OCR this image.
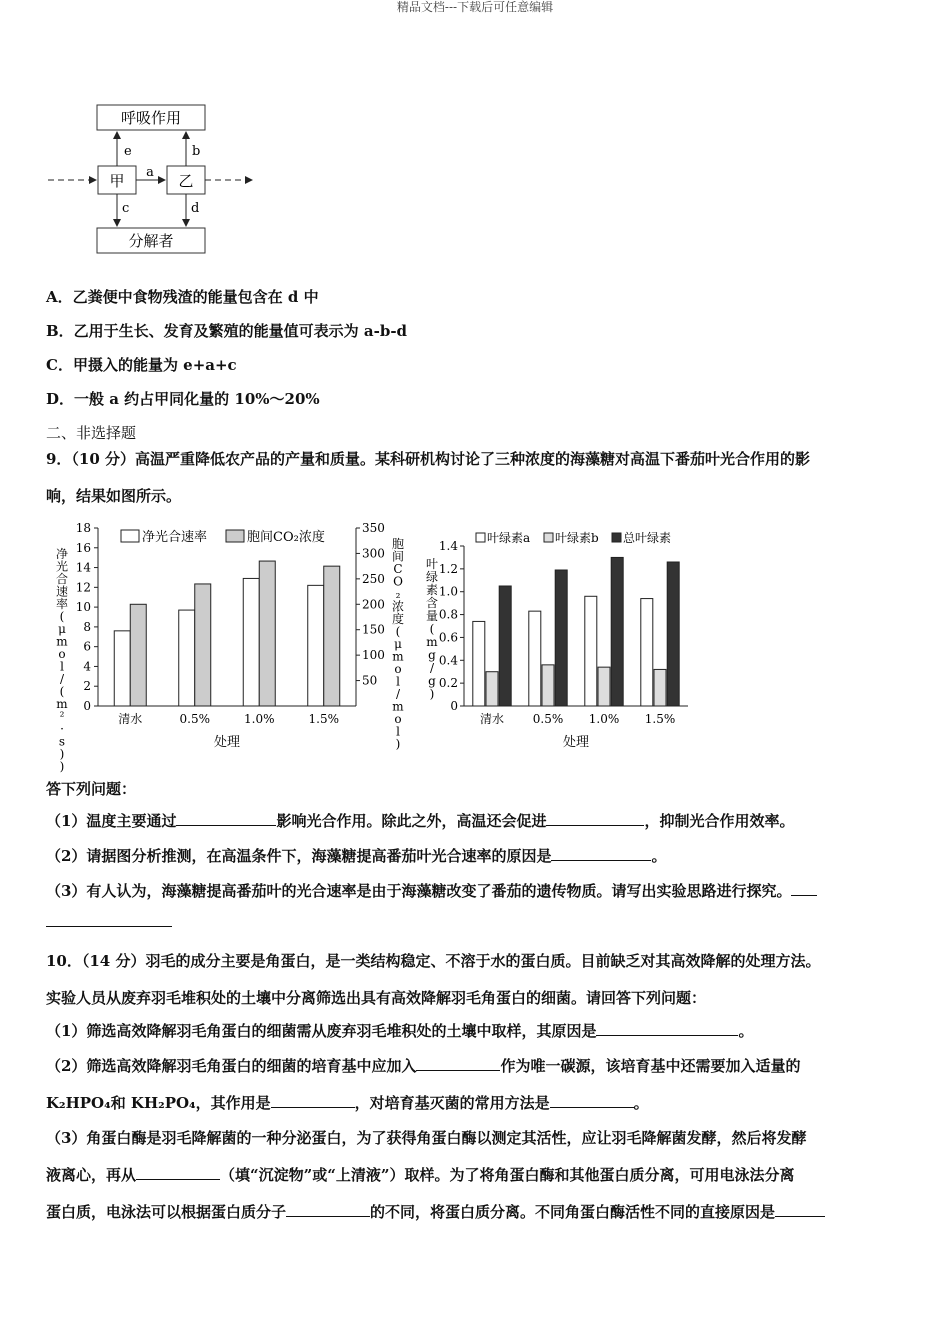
精品文档---下载后可任意编辑
呼吸作用
分解者
甲	乙
a
e	b
c	d
A．乙粪便中食物残渣的能量包含在 d 中
B．乙用于生长、发育及繁殖的能量值可表示为 a-b-d
C．甲摄入的能量为 e+a+c
D．一般 a 约占甲同化量的 10%～20%
二、非选择题
9．（10 分）高温严重降低农产品的产量和质量。某科研机构讨论了三种浓度的海藻糖对高温下番茄叶光合作用的影
响，结果如图所示。
0
2
4
6
8
10
12
14
16
18
50
100
150
200
250
300
350
清水	0.5%	1.0%	1.5%
处理
净光合速率	胞间CO₂浓度
净
光
合
速
率
(
μ
m
o
l
/
(
m
²
·
s
)
)
胞
间
C
O
₂
浓
度
(
μ
m
o
l
/
m
o
l
)
0
0.2
0.4
0.6
0.8
1.0
1.2
1.4
清水 0.5% 1.0% 1.5%
处理
叶绿素a 叶绿素b 总叶绿素
叶
绿
素
含
量
(
m
g
/
g
)
答下列问题：
（1）温度主要通过	影响光合作用。除此之外，高温还会促进	，抑制光合作用效率。
（2）请据图分析推测，在高温条件下，海藻糖提高番茄叶光合速率的原因是	。
（3）有人认为，海藻糖提高番茄叶的光合速率是由于海藻糖改变了番茄的遗传物质。请写出实验思路进行探究。
10．（14 分）羽毛的成分主要是角蛋白，是一类结构稳定、不溶于水的蛋白质。目前缺乏对其高效降解的处理方法。
实验人员从废弃羽毛堆积处的土壤中分离筛选出具有高效降解羽毛角蛋白的细菌。请回答下列问题：
（1）筛选高效降解羽毛角蛋白的细菌需从废弃羽毛堆积处的土壤中取样，其原因是	。
（2）筛选高效降解羽毛角蛋白的细菌的培育基中应加入	作为唯一碳源，该培育基中还需要加入适量的
K₂HPO₄和 KH₂PO₄，其作用是	，对培育基灭菌的常用方法是	。
（3）角蛋白酶是羽毛降解菌的一种分泌蛋白，为了获得角蛋白酶以测定其活性，应让羽毛降解菌发酵，然后将发酵
液离心，再从	（填“沉淀物”或“上清液”）取样。为了将角蛋白酶和其他蛋白质分离，可用电泳法分离
蛋白质，电泳法可以根据蛋白质分子	的不同，将蛋白质分离。不同角蛋白酶活性不同的直接原因是
